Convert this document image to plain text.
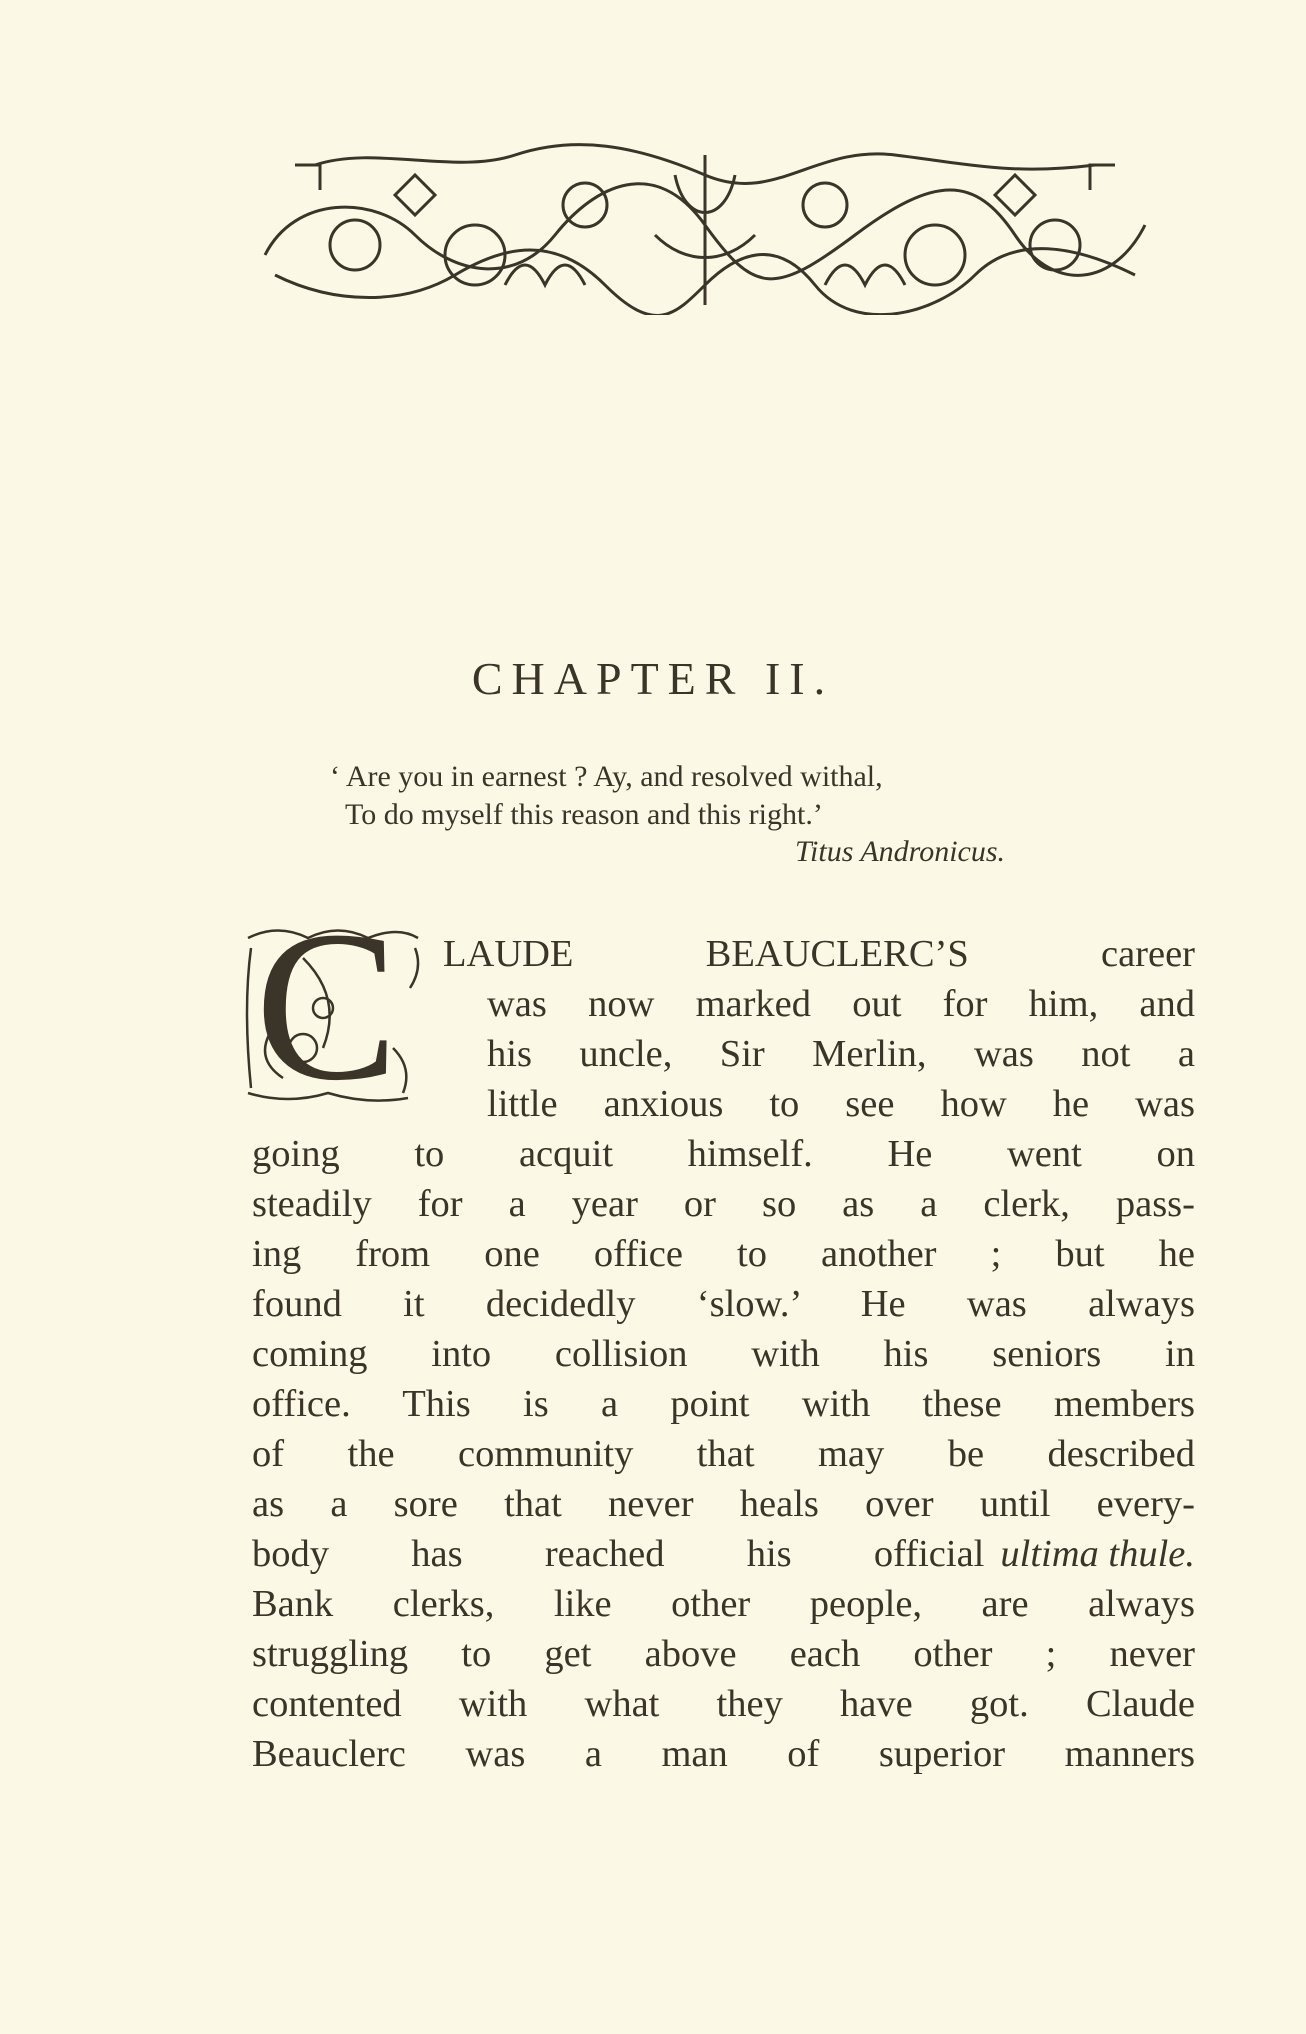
CHAPTER II.
‘ Are you in earnest ? Ay, and resolved withal,
To do myself this reason and this right.’
Titus Andronicus.
C LAUDE BEAUCLERC’S career
was now marked out for him, and
his uncle, Sir Merlin, was not a
little anxious to see how he was
going to acquit himself. He went on
steadily for a year or so as a clerk, pass-
ing from one office to another ; but he
found it decidedly ‘slow.’ He was always
coming into collision with his seniors in
office. This is a point with these members
of the community that may be described
as a sore that never heals over until every-
body has reached his official ultima thule.
Bank clerks, like other people, are always
struggling to get above each other ; never
contented with what they have got. Claude
Beauclerc was a man of superior manners
